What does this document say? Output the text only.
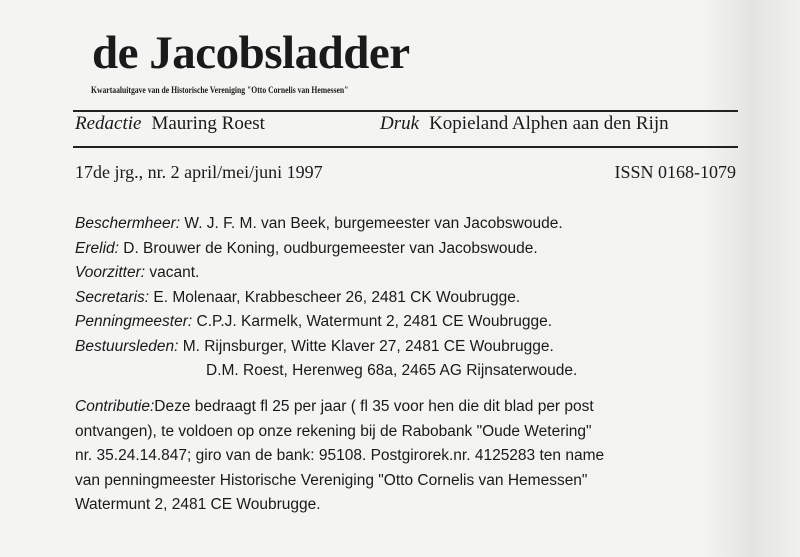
de Jacobsladder
Kwartaaluitgave van de Historische Vereniging "Otto Cornelis van Hemessen"
Redactie Mauring Roest	Druk Kopieland Alphen aan den Rijn
17de jrg., nr. 2 april/mei/juni 1997	ISSN 0168-1079
Beschermheer: W. J. F. M. van Beek, burgemeester van Jacobswoude.
Erelid: D. Brouwer de Koning, oudburgemeester van Jacobswoude.
Voorzitter: vacant.
Secretaris: E. Molenaar, Krabbescheer 26, 2481 CK Woubrugge.
Penningmeester: C.P.J. Karmelk, Watermunt 2, 2481 CE Woubrugge.
Bestuursleden: M. Rijnsburger, Witte Klaver 27, 2481 CE Woubrugge.
D.M. Roest, Herenweg 68a, 2465 AG Rijnsaterwoude.
Contributie:Deze bedraagt fl 25 per jaar ( fl 35 voor hen die dit blad per post
ontvangen), te voldoen op onze rekening bij de Rabobank "Oude Wetering"
nr. 35.24.14.847; giro van de bank: 95108. Postgirorek.nr. 4125283 ten name
van penningmeester Historische Vereniging "Otto Cornelis van Hemessen"
Watermunt 2, 2481 CE Woubrugge.
